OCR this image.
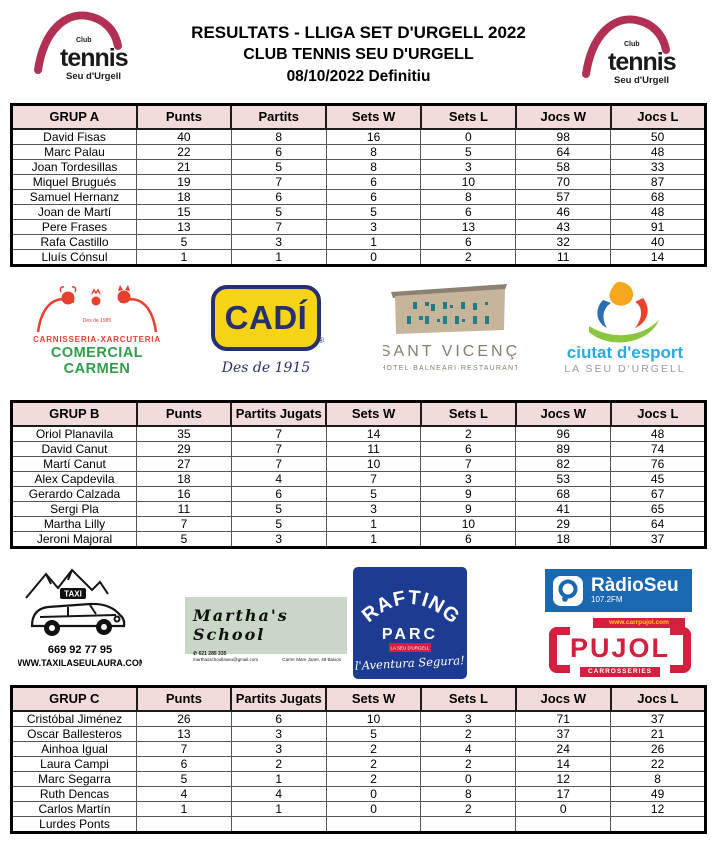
Club
tennis
Seu d'Urgell
RESULTATS - LLIGA SET D'URGELL 2022
CLUB TENNIS SEU D'URGELL
08/10/2022 Definitiu
Club
tennis
Seu d'Urgell
GRUP A	Punts	Partits	Sets W	Sets L	Jocs W	Jocs L
David Fisas	40	8	16	0	98	50
Marc Palau	22	6	8	5	64	48
Joan Tordesillas	21	5	8	3	58	33
Miquel Brugués	19	7	6	10	70	87
Samuel Hernanz	18	6	6	8	57	68
Joan de Martí	15	5	5	6	46	48
Pere Frases	13	7	3	13	43	91
Rafa Castillo	5	3	1	6	32	40
Lluís Cónsul	1	1	0	2	11	14
GRUP B	Punts	Partits Jugats	Sets W	Sets L	Jocs W	Jocs L
Oriol Planavila	35	7	14	2	96	48
David Canut	29	7	11	6	89	74
Martí Canut	27	7	10	7	82	76
Alex Capdevila	18	4	7	3	53	45
Gerardo Calzada	16	6	5	9	68	67
Sergi Pla	11	5	3	9	41	65
Martha Lilly	7	5	1	10	29	64
Jeroni Majoral	5	3	1	6	18	37
GRUP C	Punts	Partits Jugats	Sets W	Sets L	Jocs W	Jocs L
Cristóbal Jiménez	26	6	10	3	71	37
Oscar Ballesteros	13	3	5	2	37	21
Ainhoa Igual	7	3	2	4	24	26
Laura Campi	6	2	2	2	14	22
Marc Segarra	5	1	2	0	12	8
Ruth Dencas	4	4	0	8	17	49
Carlos Martín	1	1	0	2	0	12
Lurdes Ponts						
Des de 1985
CARNISSERIA-XARCUTERIA
COMERCIAL CARMEN
CADÍ
®
Des de 1915
SANT VICENÇ
HOTEL·BALNEARI·RESTAURANT
ciutat d'esport
LA SEU D'URGELL
TAXI
669 92 77 95
WWW.TAXILASEULAURA.COM
Martha's School
✆ 621 285 335
marthasschoollaseu@gmail.com	Carrer Mare Janer, 49 Baixos
RAFTING
PARC
LA SEU D'URGELL
l'Aventura Segura!
RàdioSeu
107.2FM
www.carrpujol.com
PUJOL
CARROSSERIES
